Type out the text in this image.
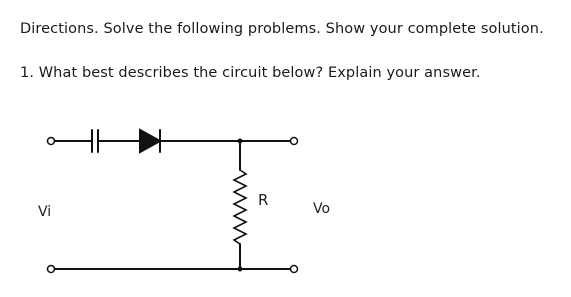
Directions. Solve the following problems. Show your complete solution.
1. What best describes the circuit below? Explain your answer.
Vi
R	Vo
